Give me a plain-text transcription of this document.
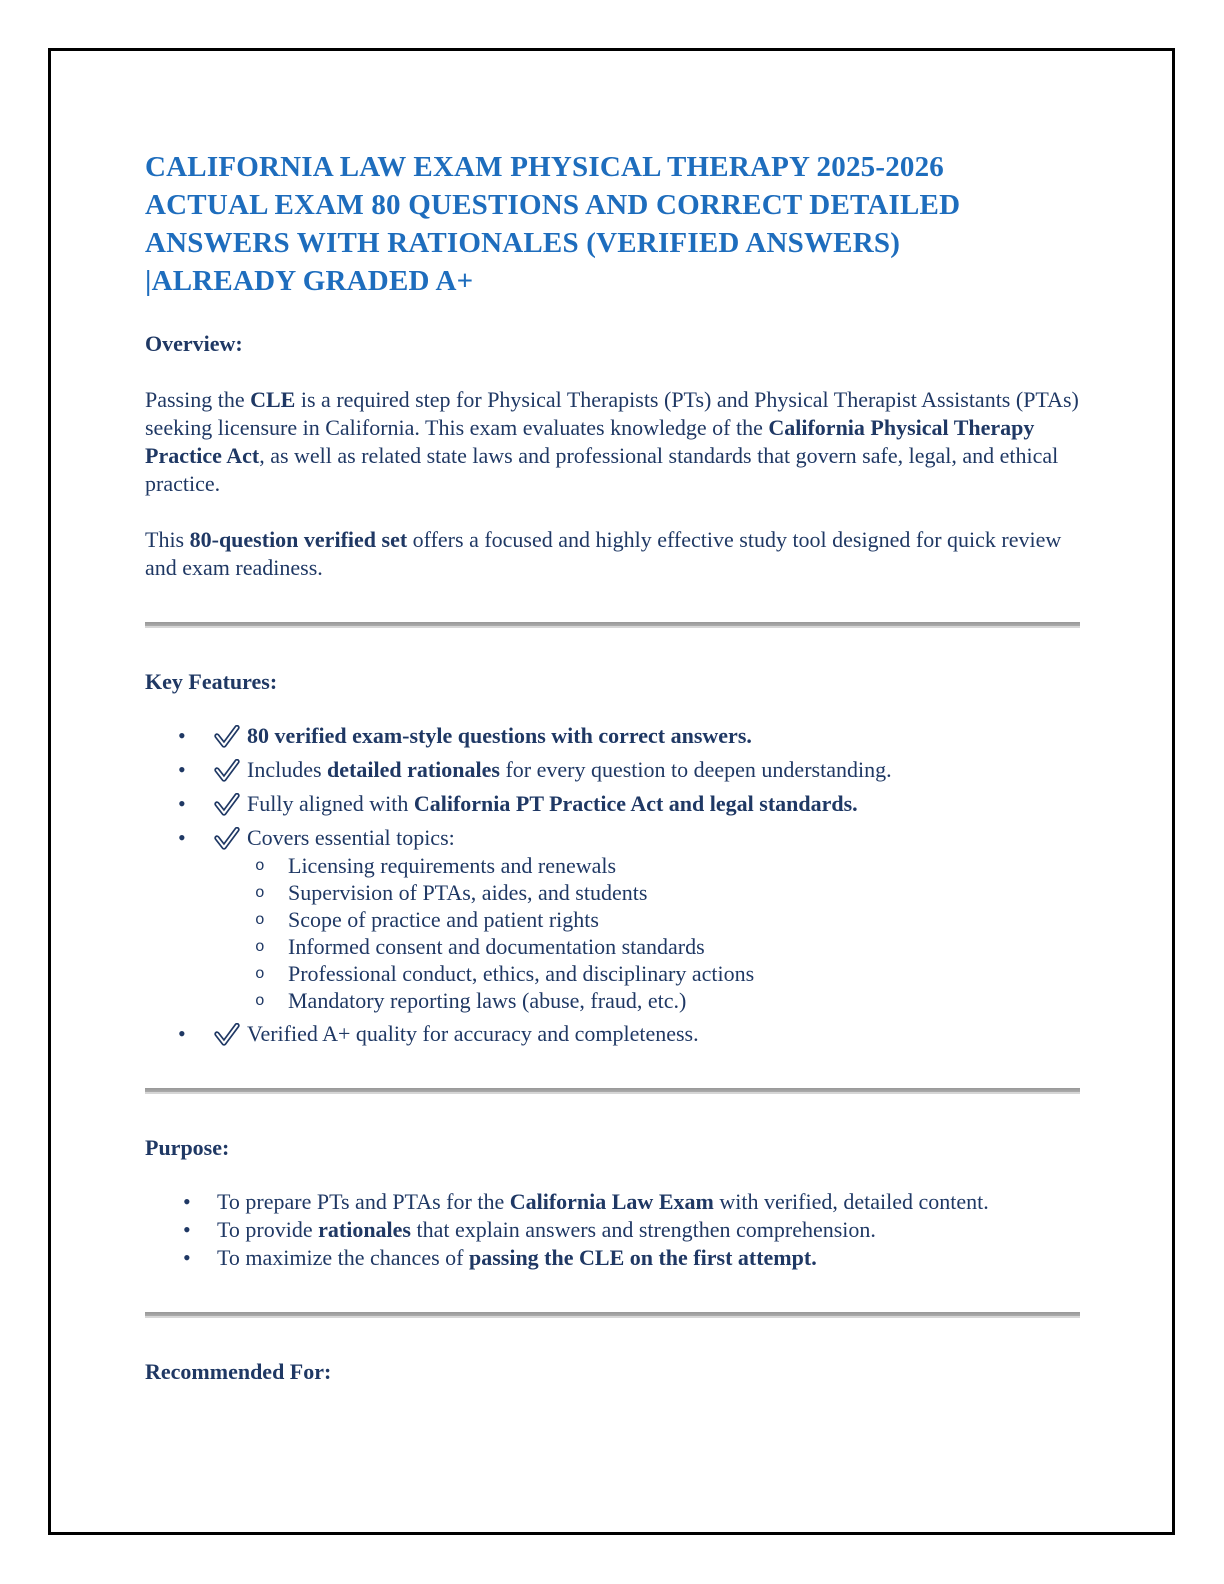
CALIFORNIA LAW EXAM PHYSICAL THERAPY 2025-2026
ACTUAL EXAM 80 QUESTIONS AND CORRECT DETAILED
ANSWERS WITH RATIONALES (VERIFIED ANSWERS)
|ALREADY GRADED A+
Overview:

Passing the CLE is a required step for Physical Therapists (PTs) and Physical Therapist Assistants (PTAs) seeking licensure in California. This exam evaluates knowledge of the California Physical Therapy Practice Act, as well as related state laws and professional standards that govern safe, legal, and ethical practice.

This 80-question verified set offers a focused and highly effective study tool designed for quick review and exam readiness.

Key Features:
•	80 verified exam-style questions with correct answers.
•	Includes detailed rationales for every question to deepen understanding.
•	Fully aligned with California PT Practice Act and legal standards.
•	Covers essential topics:
o Licensing requirements and renewals
o Supervision of PTAs, aides, and students
o Scope of practice and patient rights
o Informed consent and documentation standards
o Professional conduct, ethics, and disciplinary actions
o Mandatory reporting laws (abuse, fraud, etc.)
•	Verified A+ quality for accuracy and completeness.
Purpose:
• To prepare PTs and PTAs for the California Law Exam with verified, detailed content.
• To provide rationales that explain answers and strengthen comprehension.
• To maximize the chances of passing the CLE on the first attempt.
Recommended For:
